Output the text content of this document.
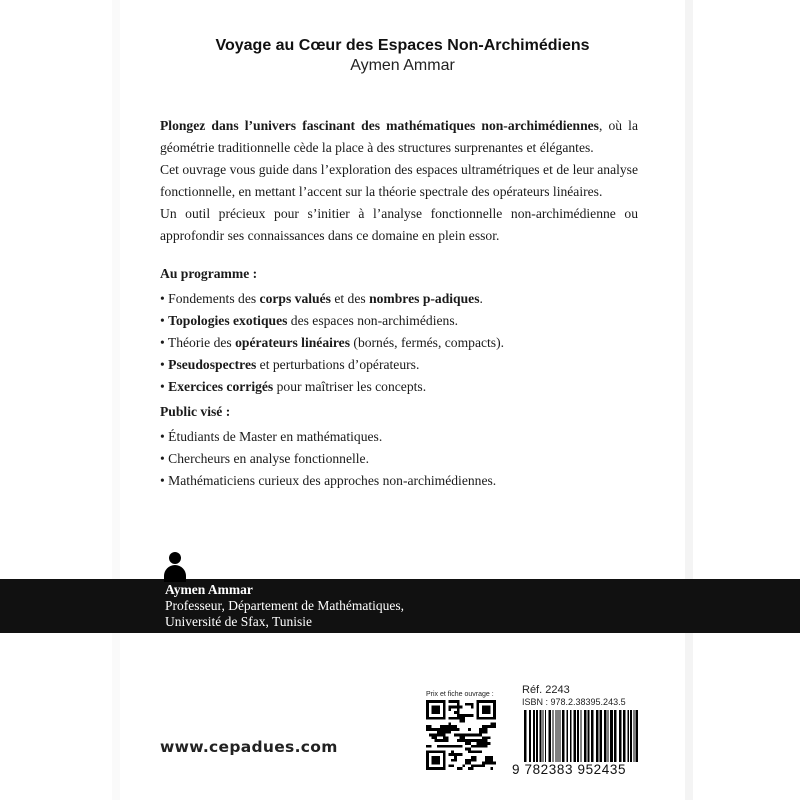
Voyage au Cœur des Espaces Non-Archimédiens
Aymen Ammar

Plongez dans l’univers fascinant des mathématiques non-archimédiennes, où la géométrie traditionnelle cède la place à des structures surprenantes et élégantes.

Cet ouvrage vous guide dans l’exploration des espaces ultramétriques et de leur analyse fonctionnelle, en mettant l’accent sur la théorie spectrale des opérateurs linéaires.

Un outil précieux pour s’initier à l’analyse fonctionnelle non-archimédienne ou approfondir ses connaissances dans ce domaine en plein essor.

Au programme :
• Fondements des corps valués et des nombres p-adiques.
• Topologies exotiques des espaces non-archimédiens.
• Théorie des opérateurs linéaires (bornés, fermés, compacts).
• Pseudospectres et perturbations d’opérateurs.
• Exercices corrigés pour maîtriser les concepts.
Public visé :
• Étudiants de Master en mathématiques.
• Chercheurs en analyse fonctionnelle.
• Mathématiciens curieux des approches non-archimédiennes.
Aymen Ammar
Professeur, Département de Mathématiques,
Université de Sfax, Tunisie
www.cepadues.com
Prix et fiche ouvrage :	Réf. 2243
ISBN : 978.2.38395.243.5
9 782383 952435
